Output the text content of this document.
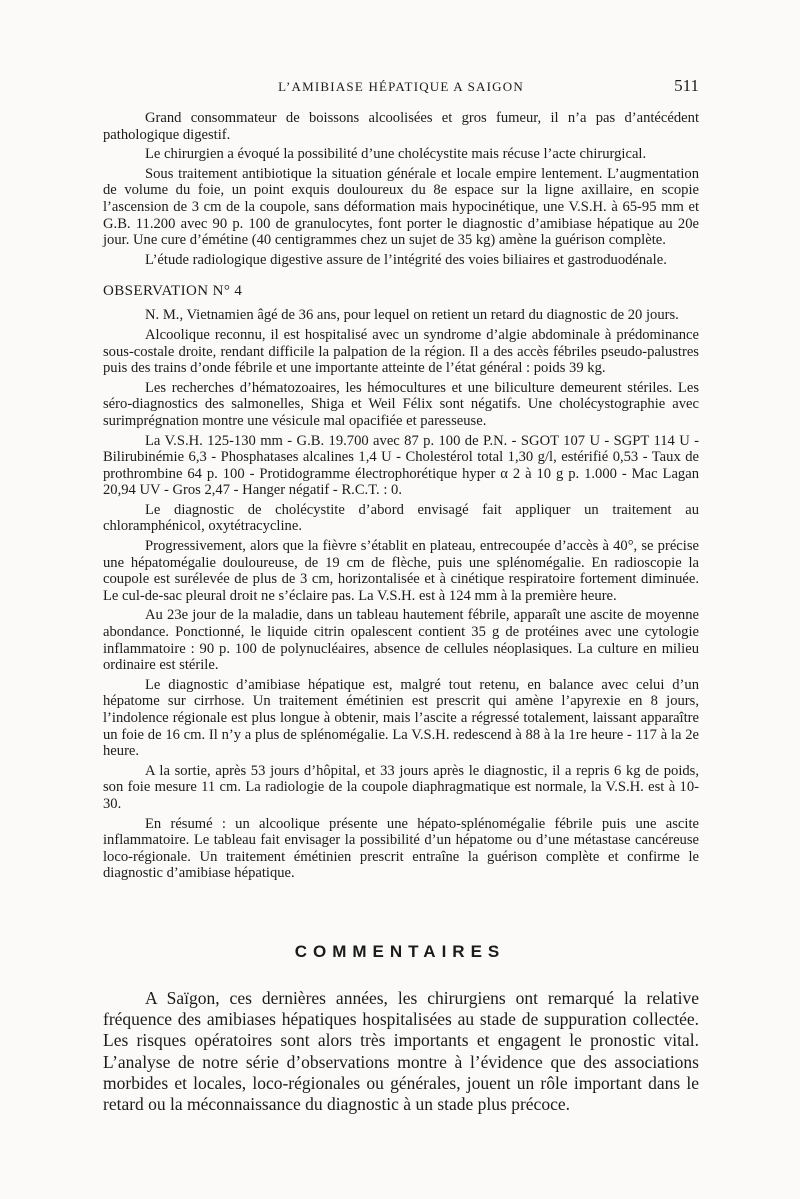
L’AMIBIASE HÉPATIQUE A SAIGON	511

Grand consommateur de boissons alcoolisées et gros fumeur, il n’a pas d’antécédent pathologique digestif.

Le chirurgien a évoqué la possibilité d’une cholécystite mais récuse l’acte chirurgical.

Sous traitement antibiotique la situation générale et locale empire lentement. L’augmentation de volume du foie, un point exquis douloureux du 8e espace sur la ligne axillaire, en scopie l’ascension de 3 cm de la coupole, sans déformation mais hypocinétique, une V.S.H. à 65-95 mm et G.B. 11.200 avec 90 p. 100 de granulocytes, font porter le diagnostic d’amibiase hépatique au 20e jour. Une cure d’émétine (40 centigrammes chez un sujet de 35 kg) amène la guérison complète.

L’étude radiologique digestive assure de l’intégrité des voies biliaires et gastroduodénale.

OBSERVATION N° 4

N. M., Vietnamien âgé de 36 ans, pour lequel on retient un retard du diagnostic de 20 jours.

Alcoolique reconnu, il est hospitalisé avec un syndrome d’algie abdominale à prédominance sous-costale droite, rendant difficile la palpation de la région. Il a des accès fébriles pseudo-palustres puis des trains d’onde fébrile et une importante atteinte de l’état général : poids 39 kg.

Les recherches d’hématozoaires, les hémocultures et une biliculture demeurent stériles. Les séro-diagnostics des salmonelles, Shiga et Weil Félix sont négatifs. Une cholécystographie avec surimprégnation montre une vésicule mal opacifiée et paresseuse.

La V.S.H. 125-130 mm - G.B. 19.700 avec 87 p. 100 de P.N. - SGOT 107 U - SGPT 114 U - Bilirubinémie 6,3 - Phosphatases alcalines 1,4 U - Cholestérol total 1,30 g/l, estérifié 0,53 - Taux de prothrombine 64 p. 100 - Protidogramme électrophorétique hyper α 2 à 10 g p. 1.000 - Mac Lagan 20,94 UV - Gros 2,47 - Hanger négatif - R.C.T. : 0.

Le diagnostic de cholécystite d’abord envisagé fait appliquer un traitement au chloramphénicol, oxytétracycline.

Progressivement, alors que la fièvre s’établit en plateau, entrecoupée d’accès à 40°, se précise une hépatomégalie douloureuse, de 19 cm de flèche, puis une splénomégalie. En radioscopie la coupole est surélevée de plus de 3 cm, horizontalisée et à cinétique respiratoire fortement diminuée. Le cul-de-sac pleural droit ne s’éclaire pas. La V.S.H. est à 124 mm à la première heure.

Au 23e jour de la maladie, dans un tableau hautement fébrile, apparaît une ascite de moyenne abondance. Ponctionné, le liquide citrin opalescent contient 35 g de protéines avec une cytologie inflammatoire : 90 p. 100 de polynucléaires, absence de cellules néoplasiques. La culture en milieu ordinaire est stérile.

Le diagnostic d’amibiase hépatique est, malgré tout retenu, en balance avec celui d’un hépatome sur cirrhose. Un traitement émétinien est prescrit qui amène l’apyrexie en 8 jours, l’indolence régionale est plus longue à obtenir, mais l’ascite a régressé totalement, laissant apparaître un foie de 16 cm. Il n’y a plus de splénomégalie. La V.S.H. redescend à 88 à la 1re heure - 117 à la 2e heure.

A la sortie, après 53 jours d’hôpital, et 33 jours après le diagnostic, il a repris 6 kg de poids, son foie mesure 11 cm. La radiologie de la coupole diaphragmatique est normale, la V.S.H. est à 10-30.

En résumé : un alcoolique présente une hépato-splénomégalie fébrile puis une ascite inflammatoire. Le tableau fait envisager la possibilité d’un hépatome ou d’une métastase cancéreuse loco-régionale. Un traitement émétinien prescrit entraîne la guérison complète et confirme le diagnostic d’amibiase hépatique.

COMMENTAIRES

A Saïgon, ces dernières années, les chirurgiens ont remarqué la relative fréquence des amibiases hépatiques hospitalisées au stade de suppuration collectée. Les risques opératoires sont alors très importants et engagent le pronostic vital. L’analyse de notre série d’observations montre à l’évidence que des associations morbides et locales, loco-régionales ou générales, jouent un rôle important dans le retard ou la méconnaissance du diagnostic à un stade plus précoce.
